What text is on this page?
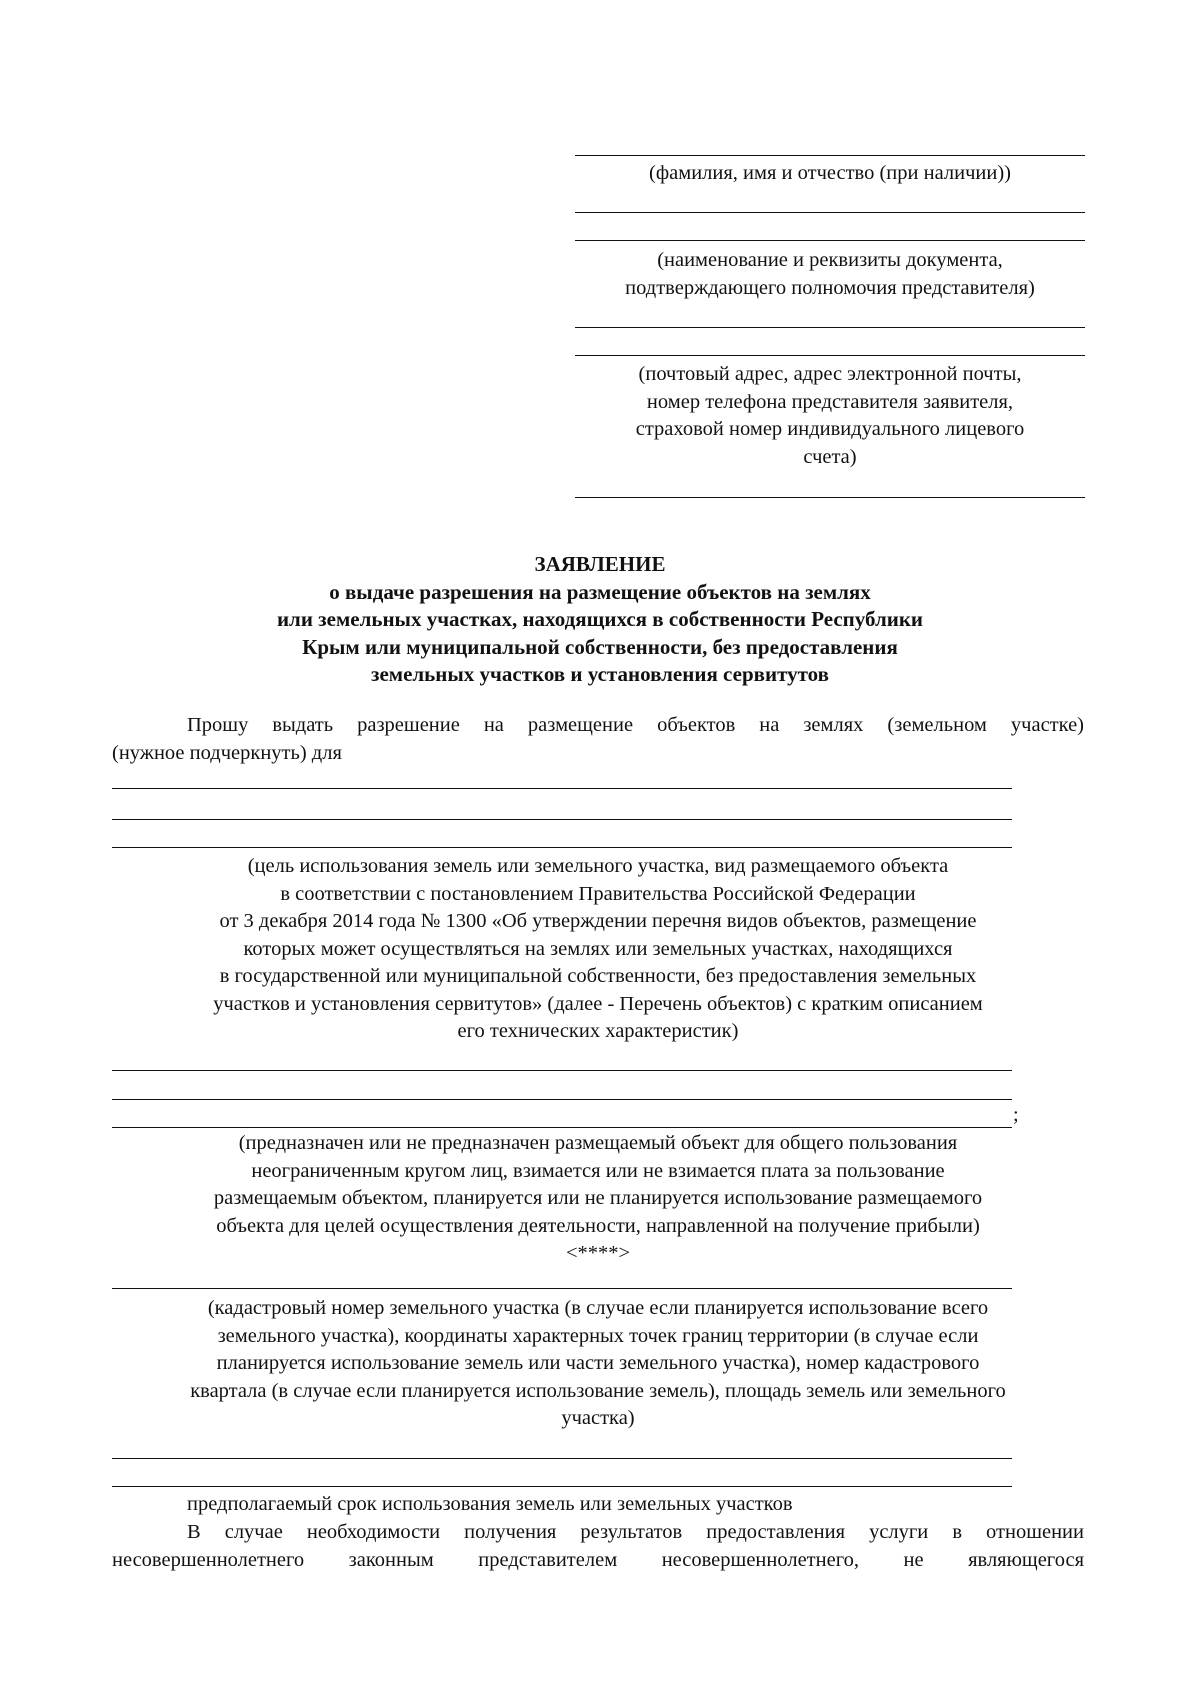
(фамилия, имя и отчество (при наличии))
(наименование и реквизиты документа,
подтверждающего полномочия представителя)
(почтовый адрес, адрес электронной почты,
номер телефона представителя заявителя,
страховой номер индивидуального лицевого
счета)
ЗАЯВЛЕНИЕ
о выдаче разрешения на размещение объектов на землях
или земельных участках, находящихся в собственности Республики
Крым или муниципальной собственности, без предоставления
земельных участков и установления сервитутов
Прошу выдать разрешение на размещение объектов на землях (земельном участке)
(нужное подчеркнуть) для
(цель использования земель или земельного участка, вид размещаемого объекта
в соответствии с постановлением Правительства Российской Федерации
от 3 декабря 2014 года № 1300 «Об утверждении перечня видов объектов, размещение
которых может осуществляться на землях или земельных участках, находящихся
в государственной или муниципальной собственности, без предоставления земельных
участков и установления сервитутов» (далее - Перечень объектов) с кратким описанием
его технических характеристик)
;
(предназначен или не предназначен размещаемый объект для общего пользования
неограниченным кругом лиц, взимается или не взимается плата за пользование
размещаемым объектом, планируется или не планируется использование размещаемого
объекта для целей осуществления деятельности, направленной на получение прибыли)
<****>
(кадастровый номер земельного участка (в случае если планируется использование всего
земельного участка), координаты характерных точек границ территории (в случае если
планируется использование земель или части земельного участка), номер кадастрового
квартала (в случае если планируется использование земель), площадь земель или земельного
участка)
предполагаемый срок использования земель или земельных участков
В случае необходимости получения результатов предоставления услуги в отношении
несовершеннолетнего законным представителем несовершеннолетнего, не являющегося
